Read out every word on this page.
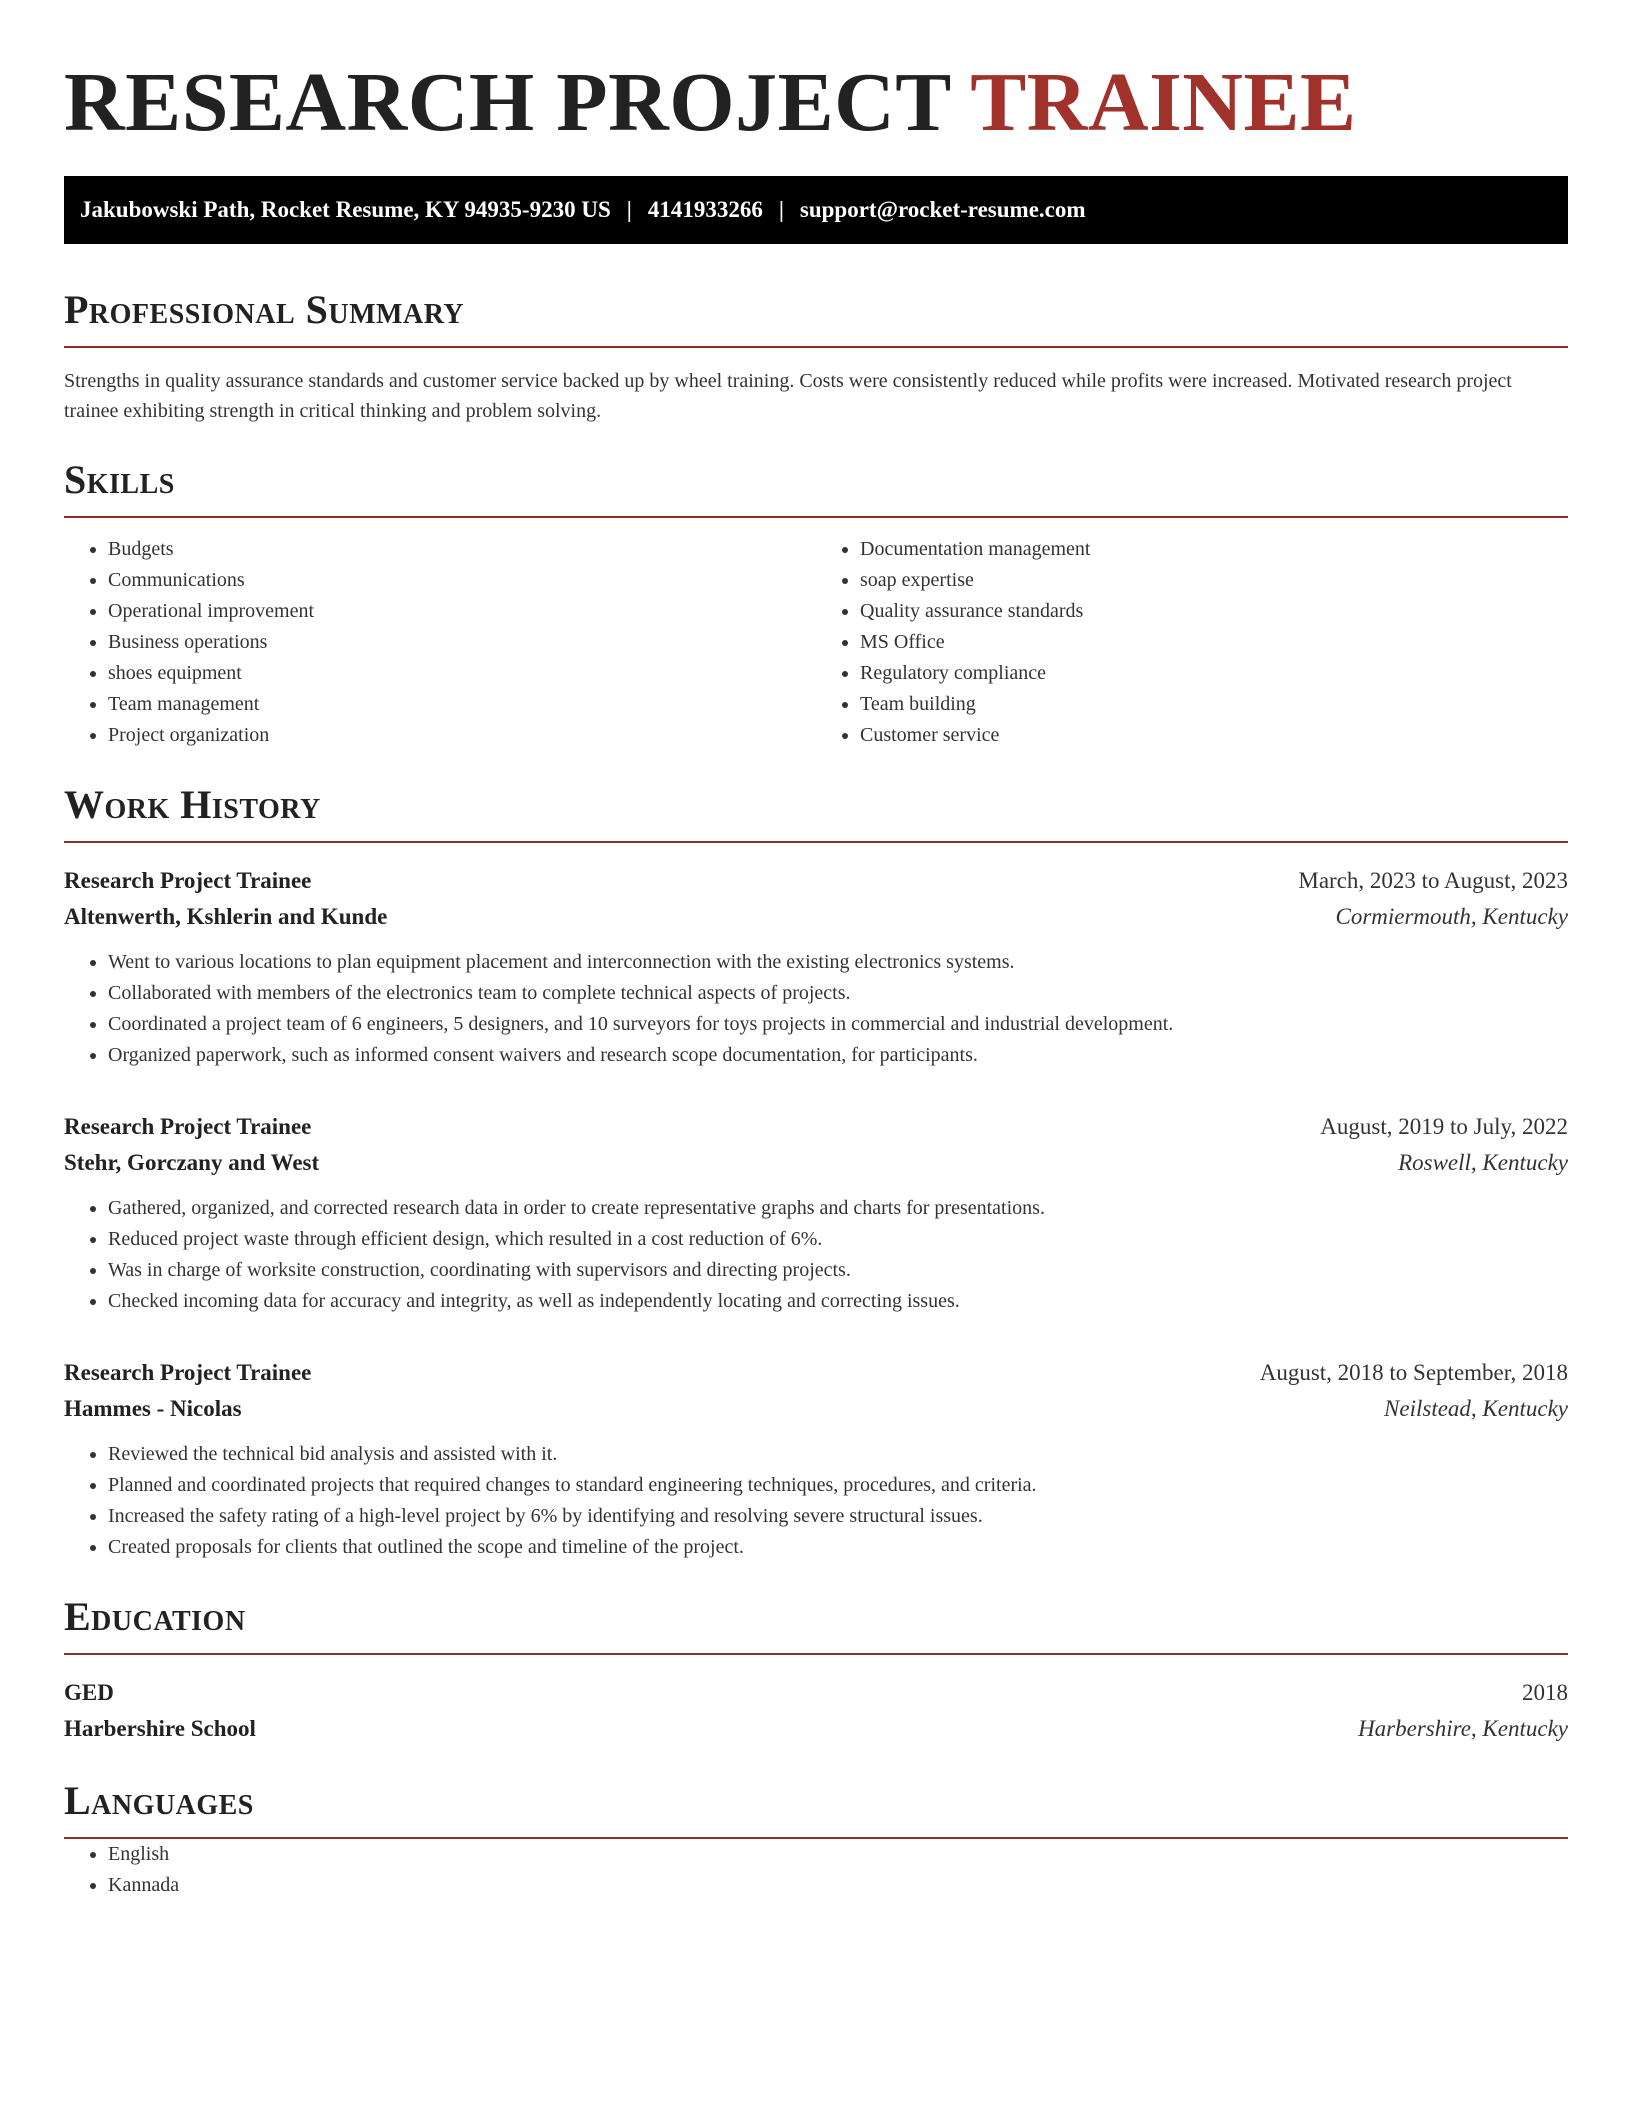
RESEARCH PROJECT TRAINEE
Jakubowski Path, Rocket Resume, KY 94935-9230 US | 4141933266 | support@rocket-resume.com
Professional Summary

Strengths in quality assurance standards and customer service backed up by wheel training. Costs were consistently reduced while profits were increased. Motivated research project trainee exhibiting strength in critical thinking and problem solving.

Skills
• Budgets
• Communications
• Operational improvement
• Business operations
• shoes equipment
• Team management
• Project organization
• Documentation management
• soap expertise
• Quality assurance standards
• MS Office
• Regulatory compliance
• Team building
• Customer service
Work History
Research Project Trainee	March, 2023 to August, 2023
Altenwerth, Kshlerin and Kunde	Cormiermouth, Kentucky
• Went to various locations to plan equipment placement and interconnection with the existing electronics systems.
• Collaborated with members of the electronics team to complete technical aspects of projects.
• Coordinated a project team of 6 engineers, 5 designers, and 10 surveyors for toys projects in commercial and industrial development.
• Organized paperwork, such as informed consent waivers and research scope documentation, for participants.
Research Project Trainee	August, 2019 to July, 2022
Stehr, Gorczany and West	Roswell, Kentucky
• Gathered, organized, and corrected research data in order to create representative graphs and charts for presentations.
• Reduced project waste through efficient design, which resulted in a cost reduction of 6%.
• Was in charge of worksite construction, coordinating with supervisors and directing projects.
• Checked incoming data for accuracy and integrity, as well as independently locating and correcting issues.
Research Project Trainee	August, 2018 to September, 2018
Hammes - Nicolas	Neilstead, Kentucky
• Reviewed the technical bid analysis and assisted with it.
• Planned and coordinated projects that required changes to standard engineering techniques, procedures, and criteria.
• Increased the safety rating of a high-level project by 6% by identifying and resolving severe structural issues.
• Created proposals for clients that outlined the scope and timeline of the project.
Education
GED	2018
Harbershire School	Harbershire, Kentucky
Languages
• English
• Kannada
